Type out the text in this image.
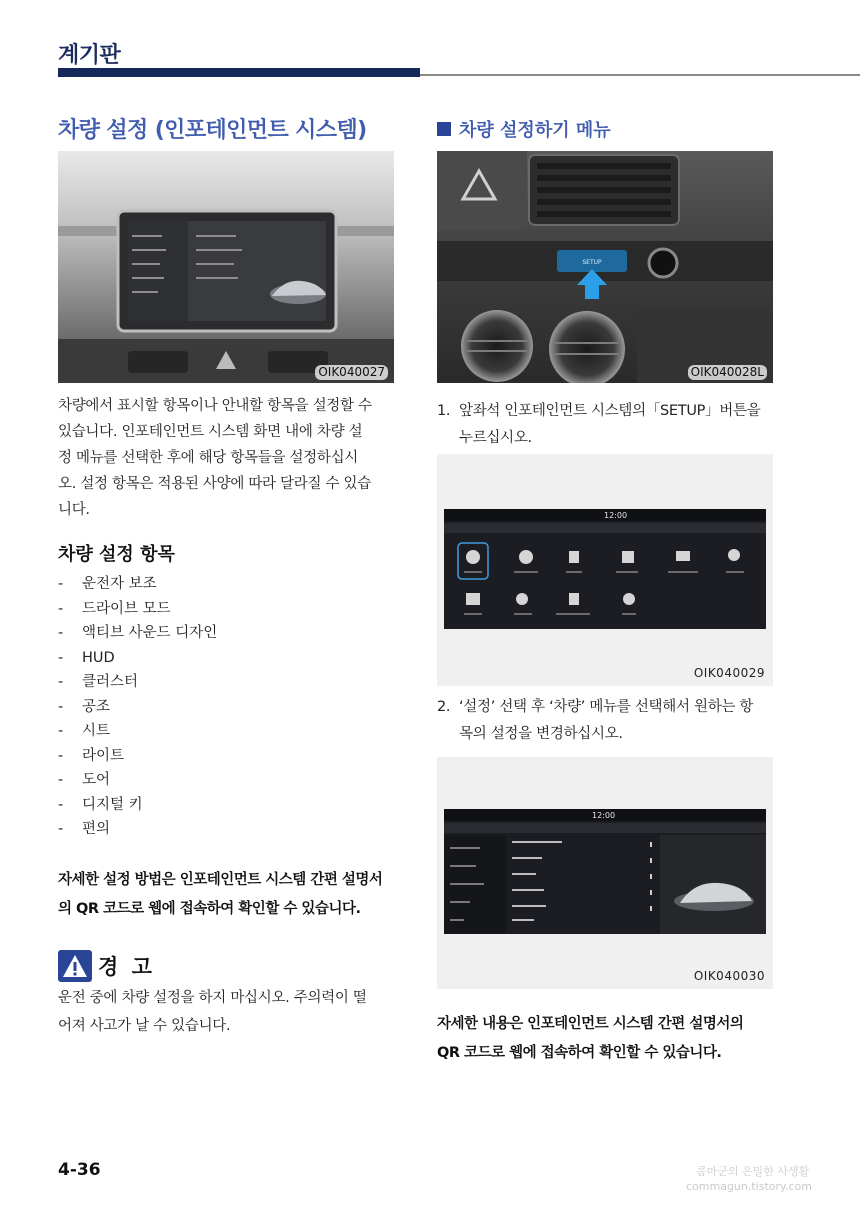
계기판
차량 설정 (인포테인먼트 시스템)
OIK040027
차량에서 표시할 항목이나 안내할 항목을 설정할 수
있습니다. 인포테인먼트 시스템 화면 내에 차량 설
정 메뉴를 선택한 후에 해당 항목들을 설정하십시
오. 설정 항목은 적용된 사양에 따라 달라질 수 있습
니다.
차량 설정 항목
- 운전자 보조
- 드라이브 모드
- 액티브 사운드 디자인
- HUD
- 클러스터
- 공조
- 시트
- 라이트
- 도어
- 디지털 키
- 편의
자세한 설정 방법은 인포테인먼트 시스템 간편 설명서
의 QR 코드로 웹에 접속하여 확인할 수 있습니다.
경 고
운전 중에 차량 설정을 하지 마십시오. 주의력이 떨
어져 사고가 날 수 있습니다.
차량 설정하기 메뉴
SETUP
OIK040028L
1. 앞좌석 인포테인먼트 시스템의「SETUP」버튼을
누르십시오.
12:00
OIK040029
2. ‘설정’ 선택 후 ‘차량’ 메뉴를 선택해서 원하는 항
목의 설정을 변경하십시오.
12:00
OIK040030
자세한 내용은 인포테인먼트 시스템 간편 설명서의
QR 코드로 웹에 접속하여 확인할 수 있습니다.
4-36	콤마군의 은밀한 사생활
commagun.tistory.com
